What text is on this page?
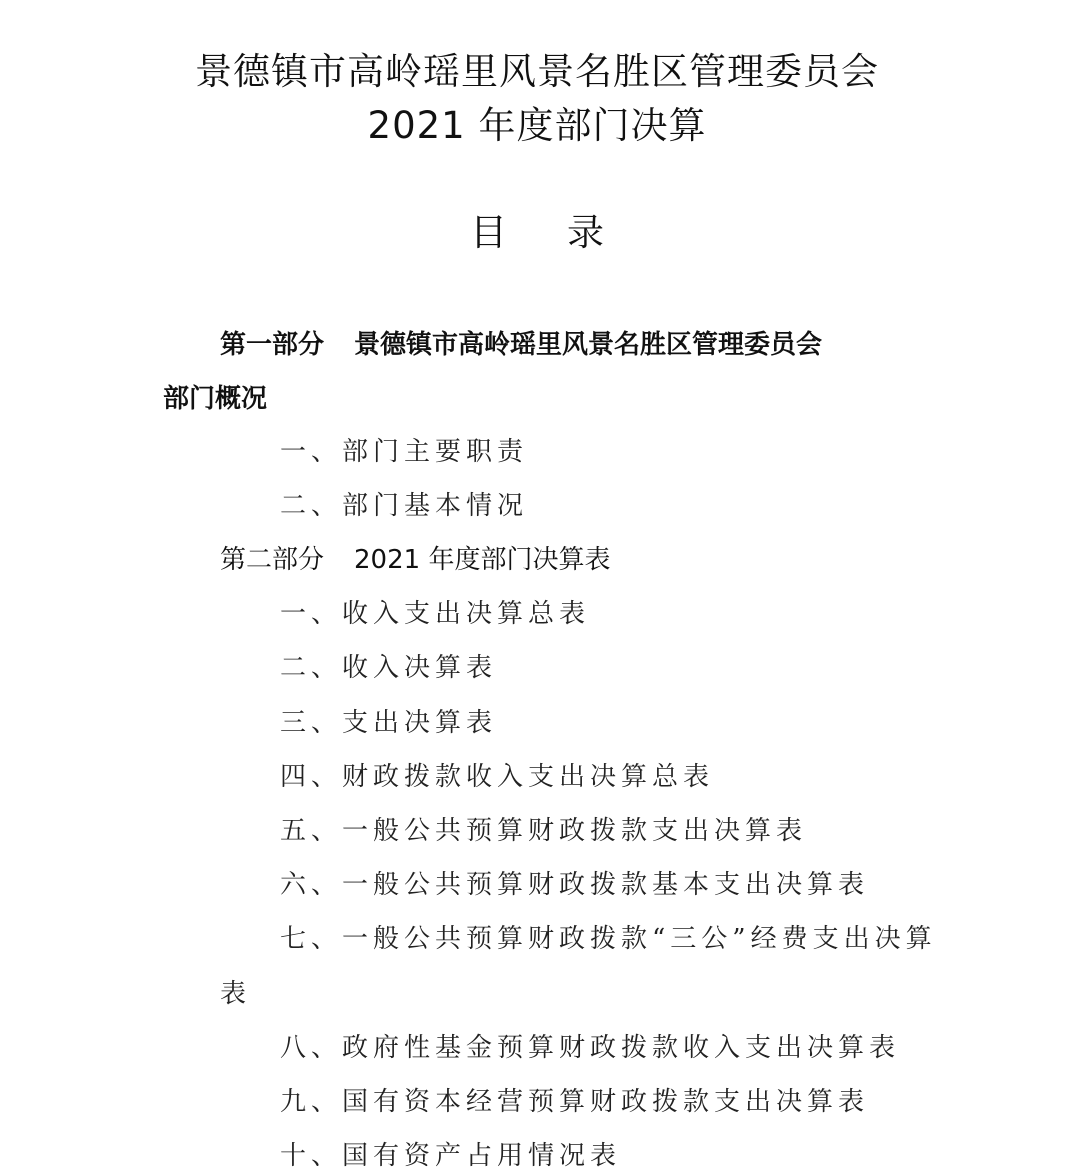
景德镇市高岭瑶里风景名胜区管理委员会
2021 年度部门决算
目 录
第一部分 景德镇市高岭瑶里风景名胜区管理委员会
部门概况
一、部门主要职责
二、部门基本情况
第二部分 2021 年度部门决算表
一、收入支出决算总表
二、收入决算表
三、支出决算表
四、财政拨款收入支出决算总表
五、一般公共预算财政拨款支出决算表
六、一般公共预算财政拨款基本支出决算表
七、一般公共预算财政拨款“三公”经费支出决算
表
八、政府性基金预算财政拨款收入支出决算表
九、国有资本经营预算财政拨款支出决算表
十、国有资产占用情况表
